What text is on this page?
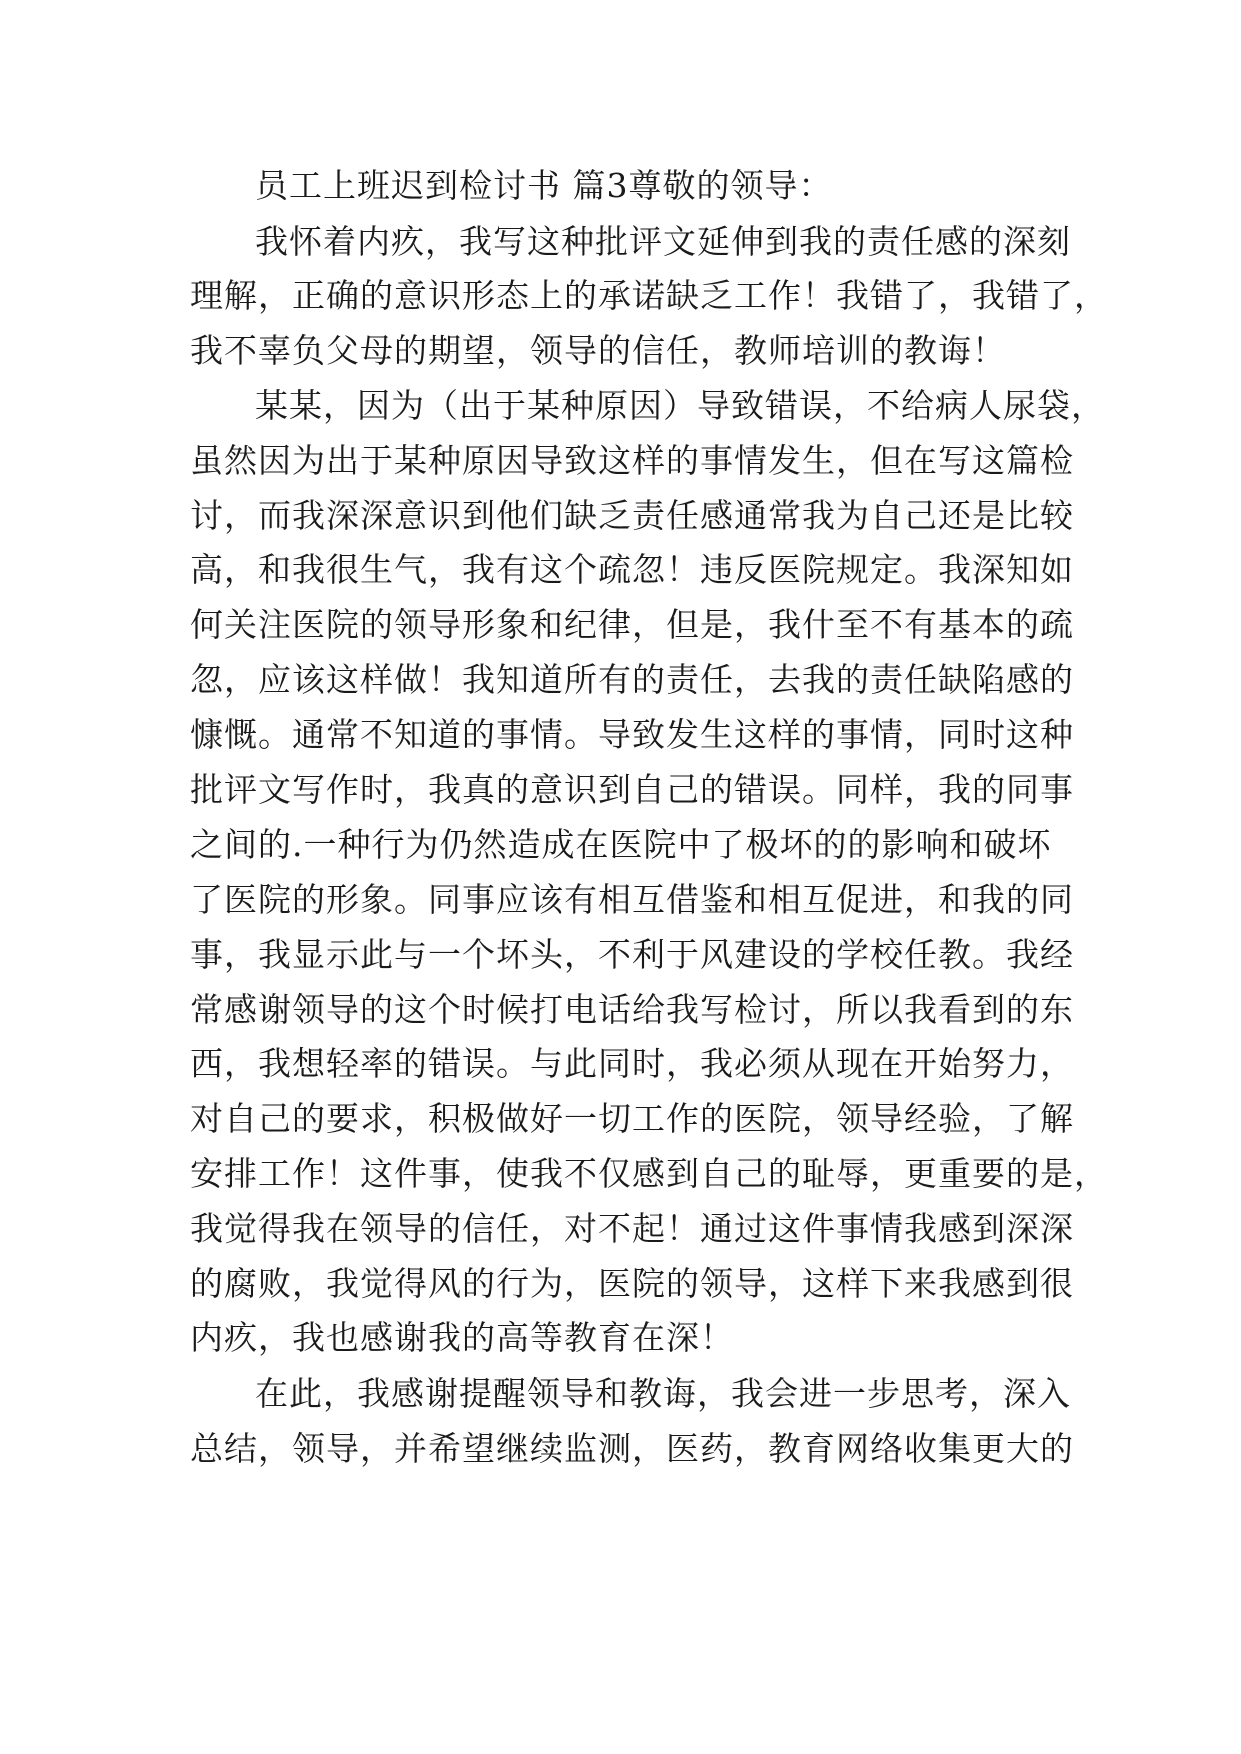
员工上班迟到检讨书 篇3尊敬的领导：
我怀着内疚，我写这种批评文延伸到我的责任感的深刻
理解，正确的意识形态上的承诺缺乏工作！我错了，我错了，
我不辜负父母的期望，领导的信任，教师培训的教诲！
某某，因为（出于某种原因）导致错误，不给病人尿袋，
虽然因为出于某种原因导致这样的事情发生，但在写这篇检
讨，而我深深意识到他们缺乏责任感通常我为自己还是比较
高，和我很生气，我有这个疏忽！违反医院规定。我深知如
何关注医院的领导形象和纪律，但是，我什至不有基本的疏
忽，应该这样做！我知道所有的责任，去我的责任缺陷感的
慷慨。通常不知道的事情。导致发生这样的事情，同时这种
批评文写作时，我真的意识到自己的错误。同样，我的同事
之间的.一种行为仍然造成在医院中了极坏的的影响和破坏
了医院的形象。同事应该有相互借鉴和相互促进，和我的同
事，我显示此与一个坏头，不利于风建设的学校任教。我经
常感谢领导的这个时候打电话给我写检讨，所以我看到的东
西，我想轻率的错误。与此同时，我必须从现在开始努力，
对自己的要求，积极做好一切工作的医院，领导经验，了解
安排工作！这件事，使我不仅感到自己的耻辱，更重要的是，
我觉得我在领导的信任，对不起！通过这件事情我感到深深
的腐败，我觉得风的行为，医院的领导，这样下来我感到很
内疚，我也感谢我的高等教育在深！
在此，我感谢提醒领导和教诲，我会进一步思考，深入
总结，领导，并希望继续监测，医药，教育网络收集更大的
